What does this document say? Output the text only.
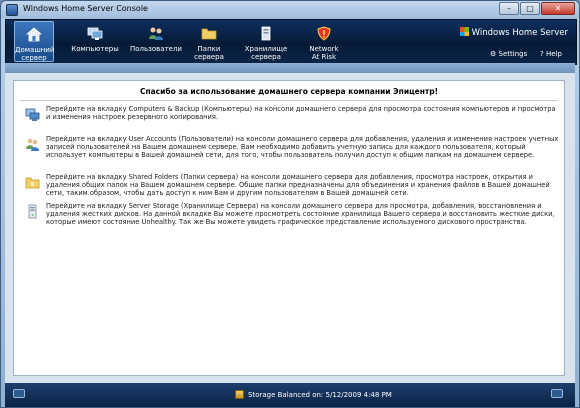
Windows Home Server Console	–	□	✕
Домашний
сервер
Компьютеры Пользователи	Папки
сервера
Хранилище
сервера
Network
At Risk
Windows Home Server
⚙ Settings ? Help
Спасибо за использование домашнего сервера компании Эпицентр!
Перейдите на вкладку Computers & Backup (Компьютеры) на консоли домашнего сервера для просмотра состояния компьютеров и просмотра и изменения настроек резервного копирования.
Перейдите на вкладку User Accounts (Пользователи) на консоли домашнего сервера для добавления, удаления и изменения настроек учетных записей пользователей на Вашем домашнем сервере. Вам необходимо добавить учетную запись для каждого пользователя, который использует компьютеры в Вашей домашней сети, для того, чтобы пользователь получил доступ к общим папкам на домашнем сервере.
Перейдите на вкладку Shared Folders (Папки сервера) на консоли домашнего сервера для добавления, просмотра настроек, открытия и удаления общих папок на Вашем домашнем сервере. Общие папки предназначены для объединения и хранения файлов в Вашей домашней сети, таким образом, чтобы дать доступ к ним Вам и другим пользователям в Вашей домашней сети.
Перейдите на вкладку Server Storage (Хранилище Сервера) на консоли домашнего сервера для просмотра, добавления, восстановления и удаления жестких дисков. На данной вкладке Вы можете просмотреть состояние хранилища Вашего сервера и восстановить жесткие диски, которые имеют состояние Unhealthy. Так же Вы можете увидеть графическое представление используемого дискового пространства.
Storage Balanced on: 5/12/2009 4:48 PM
